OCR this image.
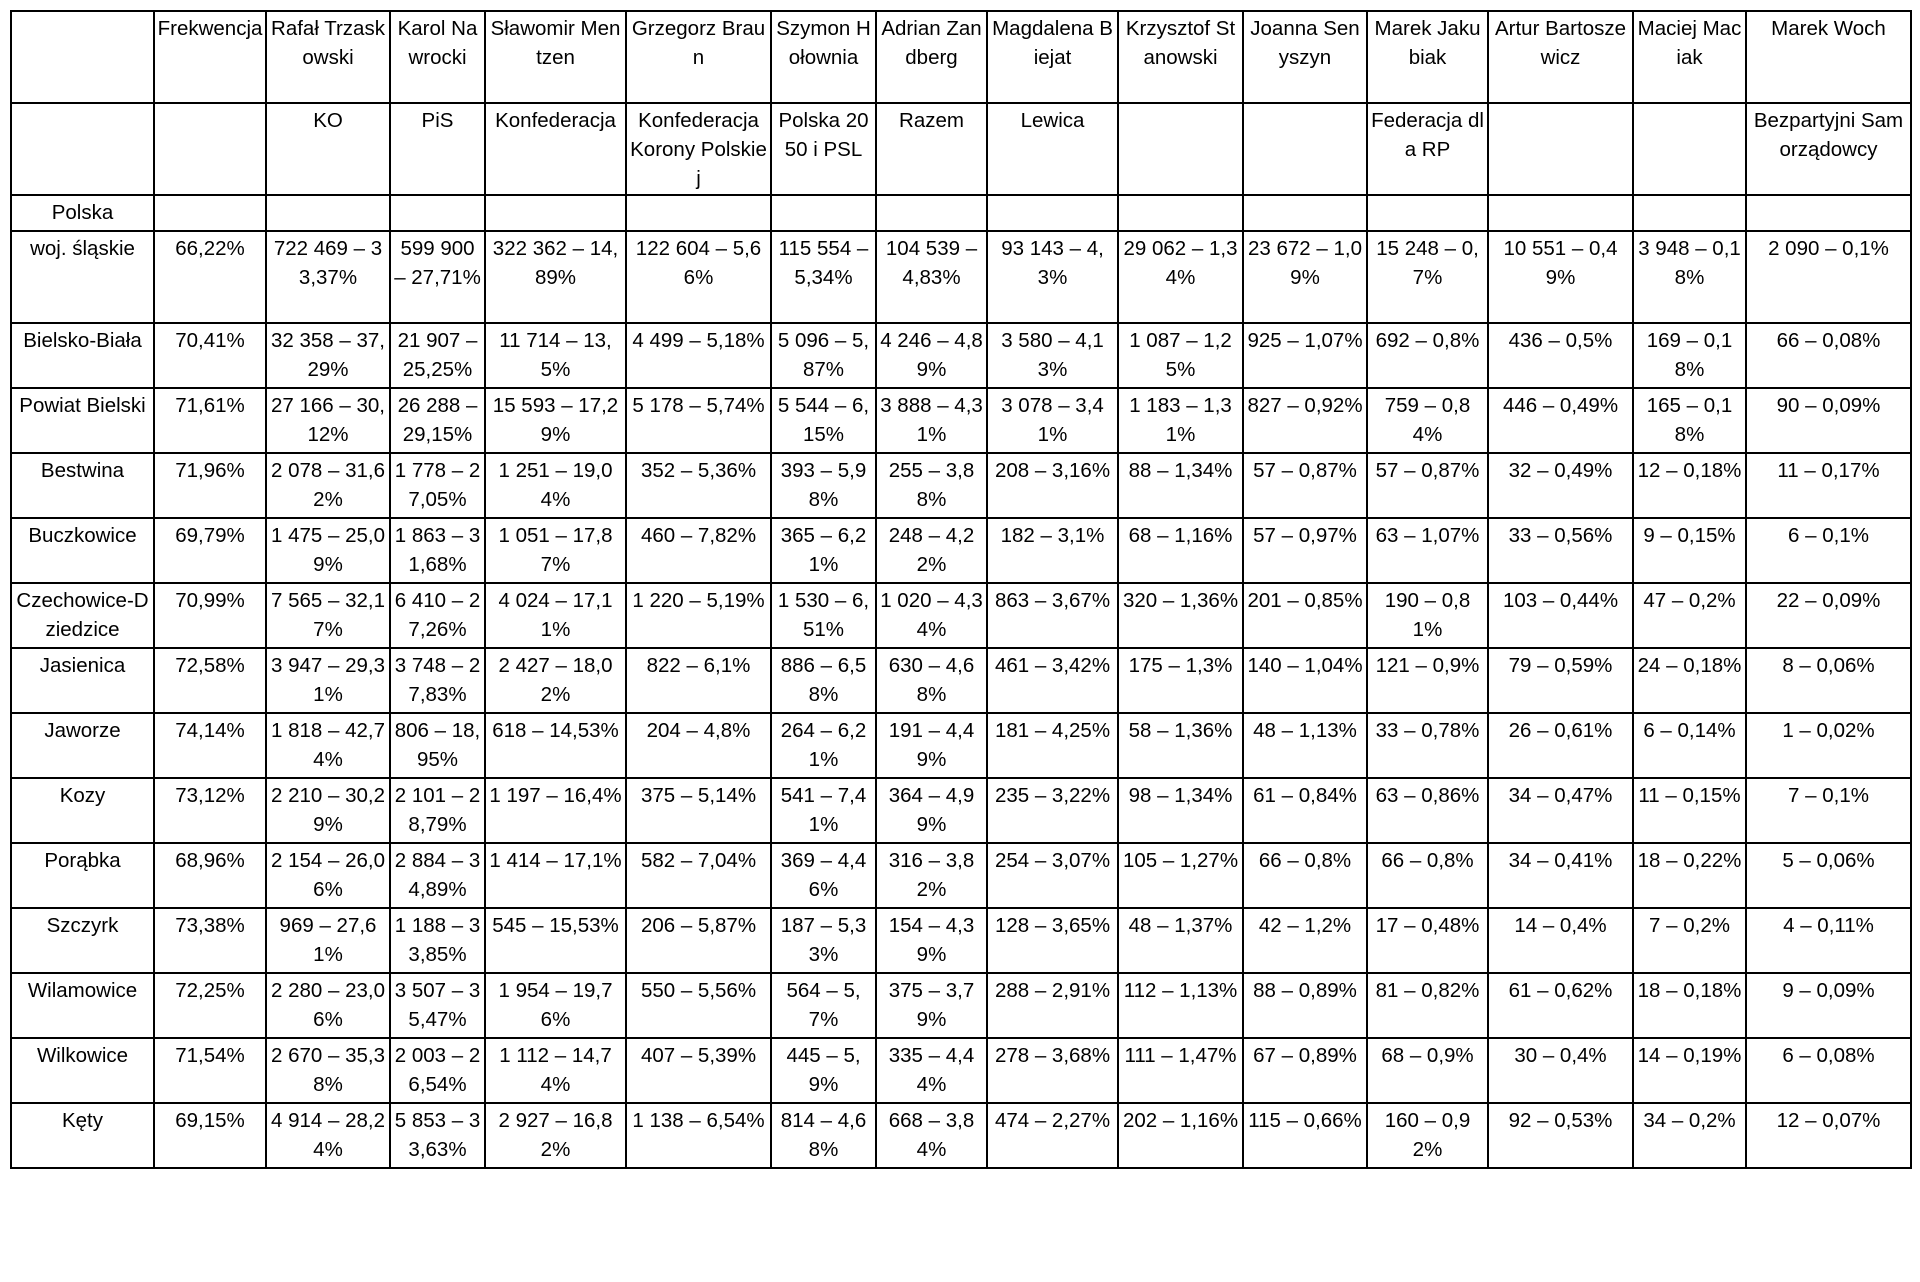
	Frekwencja	Rafał Trzaskowski	Karol Nawrocki	Sławomir Mentzen	Grzegorz Braun	Szymon Hołownia	Adrian Zandberg	Magdalena Biejat	Krzysztof Stanowski	Joanna Senyszyn	Marek Jakubiak	Artur Bartoszewicz	Maciej Maciak	Marek Woch
		KO	PiS	Konfederacja	Konfederacja Korony Polskiej	Polska 2050 i PSL	Razem	Lewica			Federacja dla RP			Bezpartyjni Samorządowcy
Polska														
woj. śląskie	66,22%	722 469 – 33,37%	599 900 – 27,71%	322 362 – 14,89%	122 604 – 5,66%	115 554 – 5,34%	104 539 – 4,83%	93 143 – 4,3%	29 062 – 1,34%	23 672 – 1,09%	15 248 – 0,7%	10 551 – 0,49%	3 948 – 0,18%	2 090 – 0,1%
Bielsko-Biała	70,41%	32 358 – 37,29%	21 907 – 25,25%	11 714 – 13,5%	4 499 – 5,18%	5 096 – 5,87%	4 246 – 4,89%	3 580 – 4,13%	1 087 – 1,25%	925 – 1,07%	692 – 0,8%	436 – 0,5%	169 – 0,18%	66 – 0,08%
Powiat Bielski	71,61%	27 166 – 30,12%	26 288 – 29,15%	15 593 – 17,29%	5 178 – 5,74%	5 544 – 6,15%	3 888 – 4,31%	3 078 – 3,41%	1 183 – 1,31%	827 – 0,92%	759 – 0,84%	446 – 0,49%	165 – 0,18%	90 – 0,09%
Bestwina	71,96%	2 078 – 31,62%	1 778 – 27,05%	1 251 – 19,04%	352 – 5,36%	393 – 5,98%	255 – 3,88%	208 – 3,16%	88 – 1,34%	57 – 0,87%	57 – 0,87%	32 – 0,49%	12 – 0,18%	11 – 0,17%
Buczkowice	69,79%	1 475 – 25,09%	1 863 – 31,68%	1 051 – 17,87%	460 – 7,82%	365 – 6,21%	248 – 4,22%	182 – 3,1%	68 – 1,16%	57 – 0,97%	63 – 1,07%	33 – 0,56%	9 – 0,15%	6 – 0,1%
Czechowice-Dziedzice	70,99%	7 565 – 32,17%	6 410 – 27,26%	4 024 – 17,11%	1 220 – 5,19%	1 530 – 6,51%	1 020 – 4,34%	863 – 3,67%	320 – 1,36%	201 – 0,85%	190 – 0,81%	103 – 0,44%	47 – 0,2%	22 – 0,09%
Jasienica	72,58%	3 947 – 29,31%	3 748 – 27,83%	2 427 – 18,02%	822 – 6,1%	886 – 6,58%	630 – 4,68%	461 – 3,42%	175 – 1,3%	140 – 1,04%	121 – 0,9%	79 – 0,59%	24 – 0,18%	8 – 0,06%
Jaworze	74,14%	1 818 – 42,74%	806 – 18,95%	618 – 14,53%	204 – 4,8%	264 – 6,21%	191 – 4,49%	181 – 4,25%	58 – 1,36%	48 – 1,13%	33 – 0,78%	26 – 0,61%	6 – 0,14%	1 – 0,02%
Kozy	73,12%	2 210 – 30,29%	2 101 – 28,79%	1 197 – 16,4%	375 – 5,14%	541 – 7,41%	364 – 4,99%	235 – 3,22%	98 – 1,34%	61 – 0,84%	63 – 0,86%	34 – 0,47%	11 – 0,15%	7 – 0,1%
Porąbka	68,96%	2 154 – 26,06%	2 884 – 34,89%	1 414 – 17,1%	582 – 7,04%	369 – 4,46%	316 – 3,82%	254 – 3,07%	105 – 1,27%	66 – 0,8%	66 – 0,8%	34 – 0,41%	18 – 0,22%	5 – 0,06%
Szczyrk	73,38%	969 – 27,61%	1 188 – 33,85%	545 – 15,53%	206 – 5,87%	187 – 5,33%	154 – 4,39%	128 – 3,65%	48 – 1,37%	42 – 1,2%	17 – 0,48%	14 – 0,4%	7 – 0,2%	4 – 0,11%
Wilamowice	72,25%	2 280 – 23,06%	3 507 – 35,47%	1 954 – 19,76%	550 – 5,56%	564 – 5,7%	375 – 3,79%	288 – 2,91%	112 – 1,13%	88 – 0,89%	81 – 0,82%	61 – 0,62%	18 – 0,18%	9 – 0,09%
Wilkowice	71,54%	2 670 – 35,38%	2 003 – 26,54%	1 112 – 14,74%	407 – 5,39%	445 – 5,9%	335 – 4,44%	278 – 3,68%	111 – 1,47%	67 – 0,89%	68 – 0,9%	30 – 0,4%	14 – 0,19%	6 – 0,08%
Kęty	69,15%	4 914 – 28,24%	5 853 – 33,63%	2 927 – 16,82%	1 138 – 6,54%	814 – 4,68%	668 – 3,84%	474 – 2,27%	202 – 1,16%	115 – 0,66%	160 – 0,92%	92 – 0,53%	34 – 0,2%	12 – 0,07%
